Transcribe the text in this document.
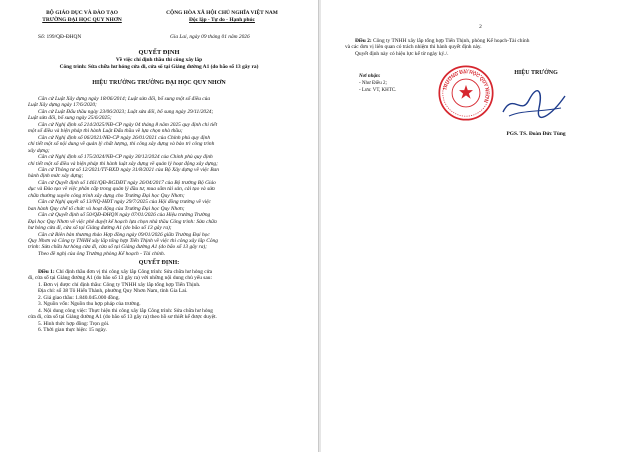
BỘ GIÁO DỤC VÀ ĐÀO TẠO
TRƯỜNG ĐẠI HỌC QUY NHƠN
CỘNG HÒA XÃ HỘI CHỦ NGHĨA VIỆT NAM
Độc lập - Tự do - Hạnh phúc
Số: 199/QĐ-ĐHQN	Gia Lai, ngày 09 tháng 01 năm 2026
QUYẾT ĐỊNH
Về việc chỉ định thầu thi công xây lắp
Công trình: Sửa chữa hư hỏng cửa đi, cửa sổ tại Giảng đường A1 (do bão số 13 gây ra)
HIỆU TRƯỞNG TRƯỜNG ĐẠI HỌC QUY NHƠN

Căn cứ Luật Xây dựng ngày 18/06/2014; Luật sửa đổi, bổ sung một số điều của

Luật Xây dựng ngày 17/6/2020;

Căn cứ Luật Đấu thầu ngày 23/06/2023; Luật sửa đổi, bổ sung ngày 29/11/2024;

Luật sửa đổi, bổ sung ngày 25/6/2025;

Căn cứ Nghị định số 214/2025/NĐ-CP ngày 04 tháng 8 năm 2025 quy định chi tiết

một số điều và biện pháp thi hành Luật Đấu thầu về lựa chọn nhà thầu;

Căn cứ Nghị định số 06/2021/NĐ-CP ngày 26/01/2021 của Chính phủ quy định

chi tiết một số nội dung về quản lý chất lượng, thi công xây dựng và bảo trì công trình

xây dựng;

Căn cứ Nghị định số 175/2024/NĐ-CP ngày 30/12/2024 của Chính phủ quy định

chi tiết một số điều và biện pháp thi hành luật xây dựng về quản lý hoạt động xây dựng;

Căn cứ Thông tư số 12/2021/TT-BXD ngày 31/8/2021 của Bộ Xây dựng về việc Ban

hành định mức xây dựng;

Căn cứ Quyết định số 1461/QĐ-BGDĐT ngày 26/04/2017 của Bộ trưởng Bộ Giáo

dục và Đào tạo về việc phân cấp trong quản lý đầu tư, mua sắm tài sản, cải tạo và sửa

chữa thường xuyên công trình xây dựng cho Trường Đại học Quy Nhơn;

Căn cứ Nghị quyết số 13/NQ-HĐT ngày 29/7/2025 của Hội đồng trường về việc

ban hành Quy chế tổ chức và hoạt động của Trường Đại học Quy Nhơn;

Căn cứ Quyết định số 50/QĐ-ĐHQN ngày 07/01/2026 của Hiệu trưởng Trường

Đại học Quy Nhơn về việc phê duyệt kế hoạch lựa chọn nhà thầu Công trình: Sửa chữa

hư hỏng cửa đi, cửa sổ tại Giảng đường A1 (do bão số 13 gây ra);

Căn cứ Biên bản thương thảo Hợp đồng ngày 09/01/2026 giữa Trường Đại học

Quy Nhơn và Công ty TNHH xây lắp tổng hợp Tiến Thịnh về việc thi công xây lắp Công

trình: Sửa chữa hư hỏng cửa đi, cửa sổ tại Giảng đường A1 (do bão số 13 gây ra);

Theo đề nghị của ông Trưởng phòng Kế hoạch - Tài chính.

QUYẾT ĐỊNH:

Điều 1: Chỉ định thầu đơn vị thi công xây lắp Công trình: Sửa chữa hư hỏng cửa

đi, cửa sổ tại Giảng đường A1 (do bão số 13 gây ra) với những nội dung chủ yếu sau:

1. Đơn vị được chỉ định thầu: Công ty TNHH xây lắp tổng hợp Tiến Thịnh.

Địa chỉ: số 38 Tô Hiến Thành, phường Quy Nhơn Nam, tỉnh Gia Lai.

2. Giá giao thầu: 1.840.045.000 đồng.

3. Nguồn vốn: Nguồn thu hợp pháp của trường.

4. Nội dung công việc: Thực hiện thi công xây lắp Công trình: Sửa chữa hư hỏng

cửa đi, cửa sổ tại Giảng đường A1 (do bão số 13 gây ra) theo hồ sơ thiết kế được duyệt.

5. Hình thức hợp đồng: Trọn gói.

6. Thời gian thực hiện: 15 ngày.

2

Điều 2: Công ty TNHH xây lắp tổng hợp Tiến Thịnh, phòng Kế hoạch-Tài chính

và các đơn vị liên quan có trách nhiệm thi hành quyết định này.

Quyết định này có hiệu lực kể từ ngày ký./.

Nơi nhận:
- Như Điều 2;
- Lưu: VT, KHTC.	TRƯỜNG ĐẠI HỌC QUY NHƠN
HIỆU TRƯỞNG
PGS. TS. Đoàn Đức Tùng
